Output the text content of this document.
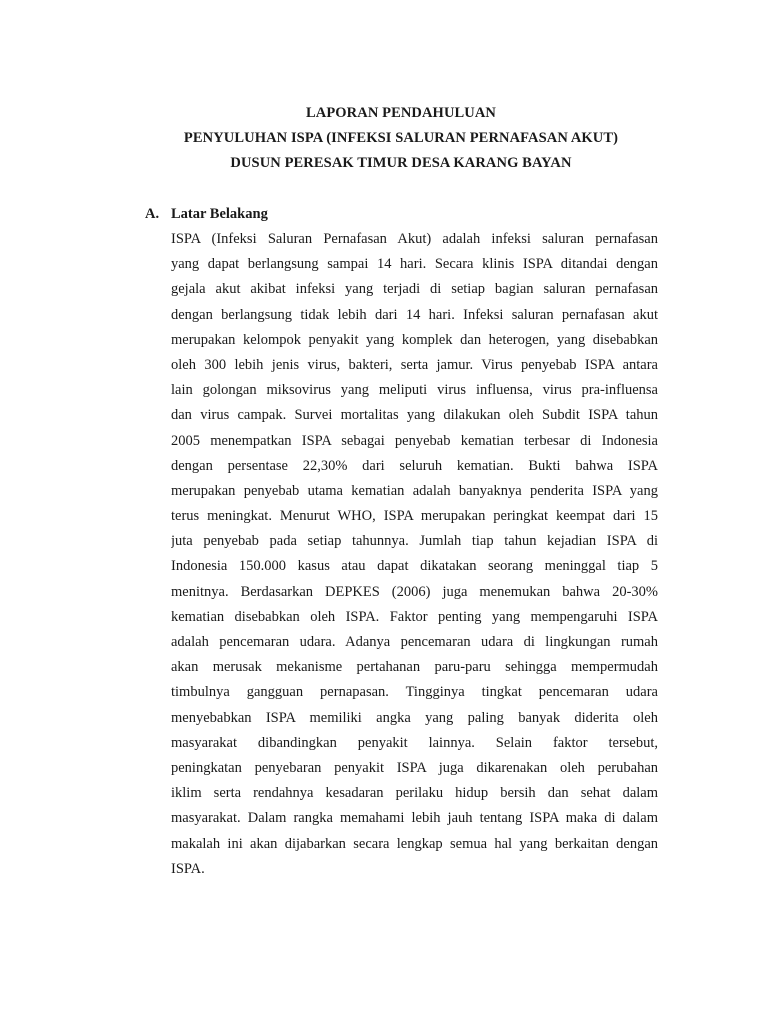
LAPORAN PENDAHULUAN
PENYULUHAN ISPA (INFEKSI SALURAN PERNAFASAN AKUT)
DUSUN PERESAK TIMUR DESA KARANG BAYAN
A. Latar Belakang
ISPA (Infeksi Saluran Pernafasan Akut) adalah infeksi saluran pernafasan
yang dapat berlangsung sampai 14 hari. Secara klinis ISPA ditandai dengan
gejala akut akibat infeksi yang terjadi di setiap bagian saluran pernafasan
dengan berlangsung tidak lebih dari 14 hari. Infeksi saluran pernafasan akut
merupakan kelompok penyakit yang komplek dan heterogen, yang disebabkan
oleh 300 lebih jenis virus, bakteri, serta jamur. Virus penyebab ISPA antara
lain golongan miksovirus yang meliputi virus influensa, virus pra-influensa
dan virus campak. Survei mortalitas yang dilakukan oleh Subdit ISPA tahun
2005 menempatkan ISPA sebagai penyebab kematian terbesar di Indonesia
dengan persentase 22,30% dari seluruh kematian. Bukti bahwa ISPA
merupakan penyebab utama kematian adalah banyaknya penderita ISPA yang
terus meningkat. Menurut WHO, ISPA merupakan peringkat keempat dari 15
juta penyebab pada setiap tahunnya. Jumlah tiap tahun kejadian ISPA di
Indonesia 150.000 kasus atau dapat dikatakan seorang meninggal tiap 5
menitnya. Berdasarkan DEPKES (2006) juga menemukan bahwa 20-30%
kematian disebabkan oleh ISPA. Faktor penting yang mempengaruhi ISPA
adalah pencemaran udara. Adanya pencemaran udara di lingkungan rumah
akan merusak mekanisme pertahanan paru-paru sehingga mempermudah
timbulnya gangguan pernapasan. Tingginya tingkat pencemaran udara
menyebabkan ISPA memiliki angka yang paling banyak diderita oleh
masyarakat dibandingkan penyakit lainnya. Selain faktor tersebut,
peningkatan penyebaran penyakit ISPA juga dikarenakan oleh perubahan
iklim serta rendahnya kesadaran perilaku hidup bersih dan sehat dalam
masyarakat. Dalam rangka memahami lebih jauh tentang ISPA maka di dalam
makalah ini akan dijabarkan secara lengkap semua hal yang berkaitan dengan
ISPA.
